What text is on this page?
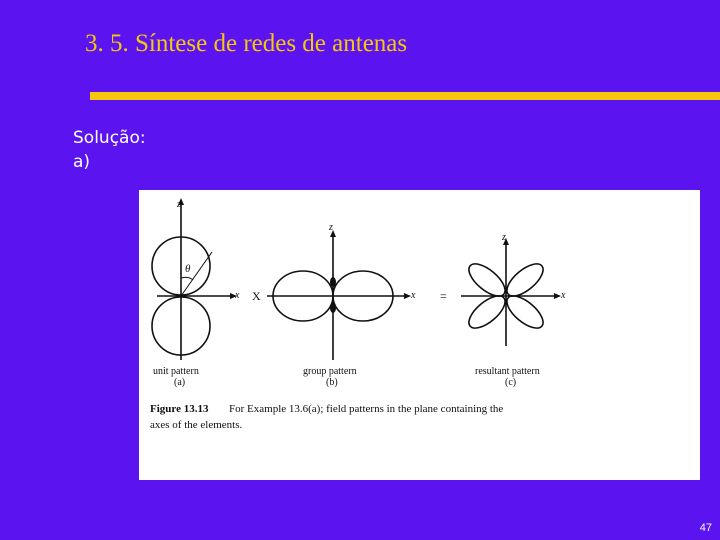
3. 5. Síntese de redes de antenas
Solução:
a)
z
x
θ
z
x
z
x
X	=
unit pattern
(a)
group pattern
(b)
resultant pattern
(c)
Figure 13.13 For Example 13.6(a); field patterns in the plane containing the
axes of the elements.
47
